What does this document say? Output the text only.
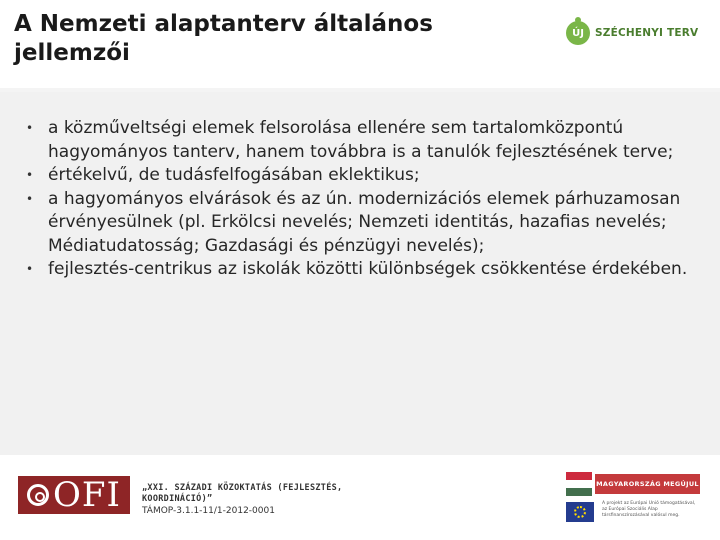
A Nemzeti alaptanterv általános jellemzői
ÚJ	SZÉCHENYI TERV
• a közműveltségi elemek felsorolása ellenére sem tartalomközpontú hagyományos tanterv, hanem továbbra is a tanulók fejlesztésének terve;
• értékelvű, de tudásfelfogásában eklektikus;
• a hagyományos elvárások és az ún. modernizációs elemek párhuzamosan érvényesülnek (pl. Erkölcsi nevelés; Nemzeti identitás, hazafias nevelés; Médiatudatosság; Gazdasági és pénzügyi nevelés);
• fejlesztés-centrikus az iskolák közötti különbségek csökkentése érdekében.
OFI „XXI. SZÁZADI KÖZOKTATÁS (FEJLESZTÉS, KOORDINÁCIÓ)”
TÁMOP-3.1.1-11/1-2012-0001
MAGYARORSZÁG MEGÚJUL
A projekt az Európai Unió támogatásával, az Európai Szociális Alap társfinanszírozásával valósul meg.
